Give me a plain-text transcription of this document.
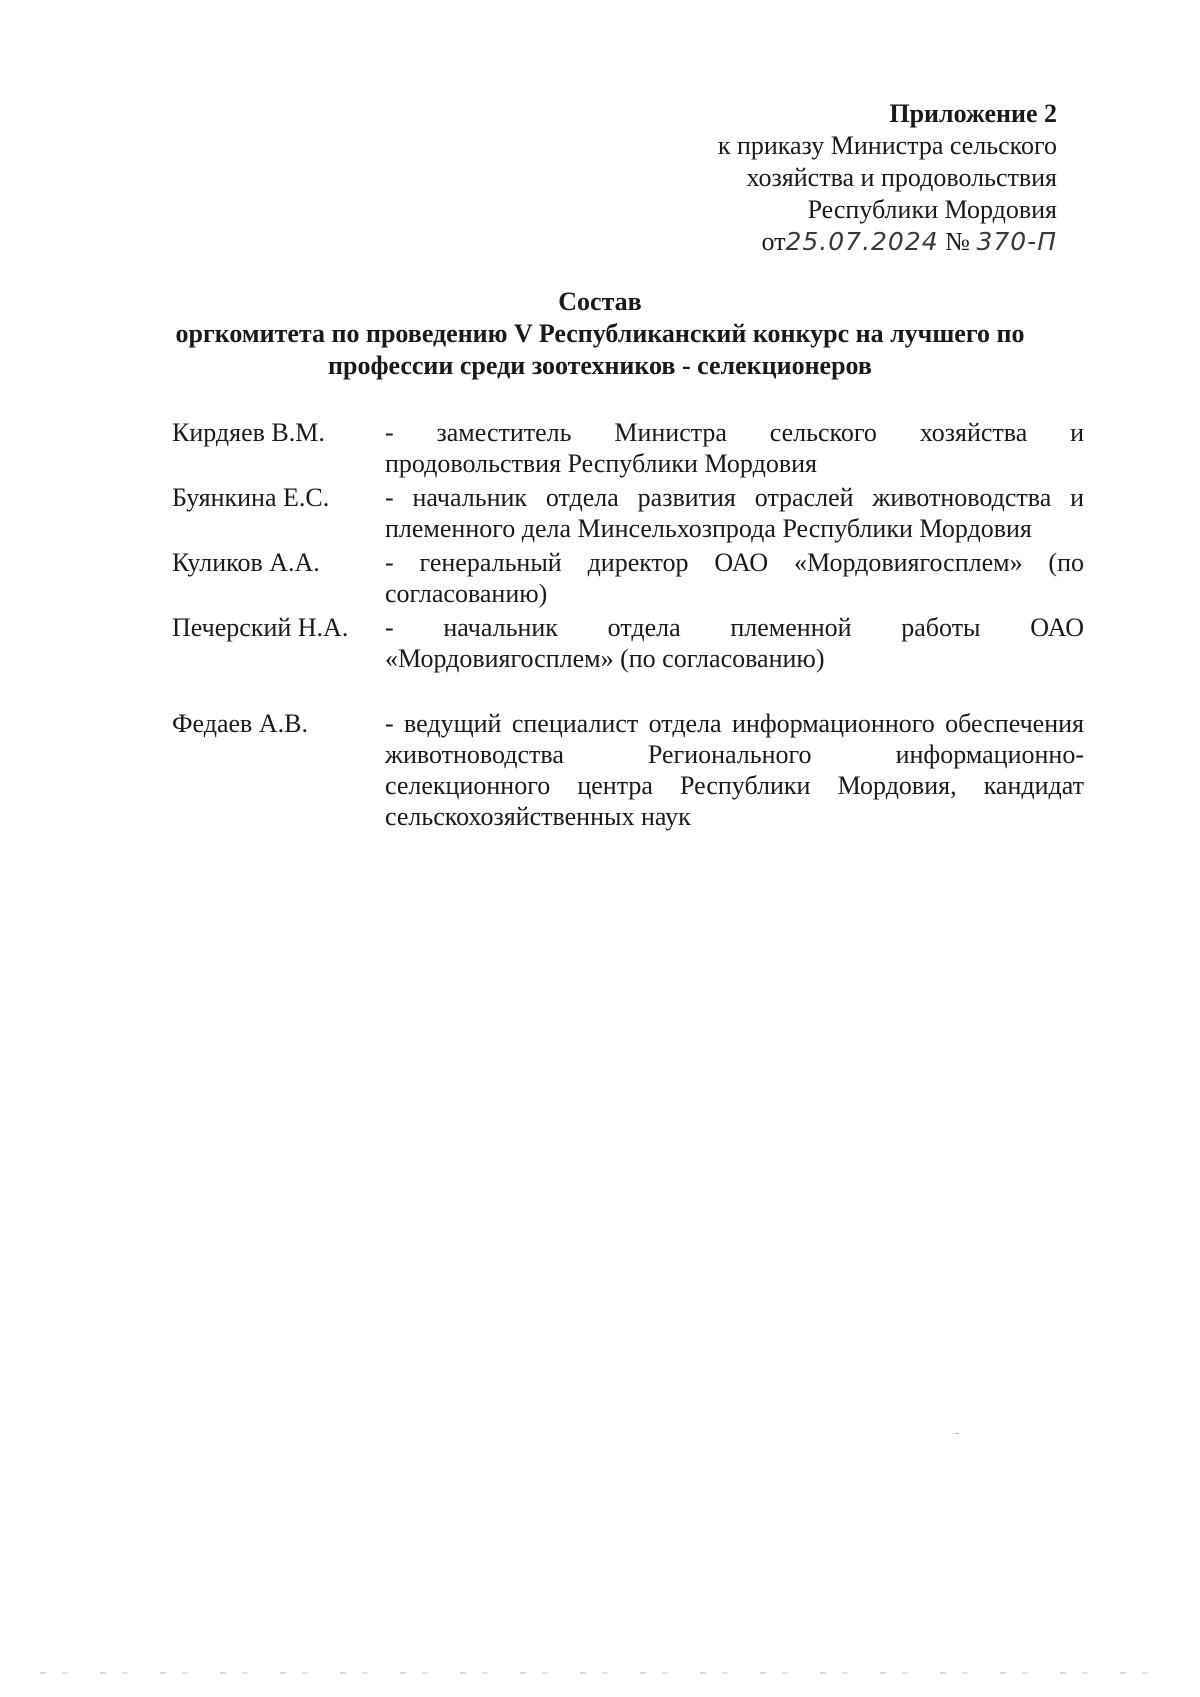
Приложение 2
к приказу Министра сельского
хозяйства и продовольствия
Республики Мордовия
от25.07.2024 № 370-П
Состав
оргкомитета по проведению V Республиканский конкурс на лучшего по
профессии среди зоотехников - селекционеров
Кирдяев В.М.	- заместитель Министра сельского хозяйства и продовольствия Республики Мордовия
Буянкина Е.С.	- начальник отдела развития отраслей животноводства и племенного дела Минсельхозпрода Республики Мордовия
Куликов А.А.	- генеральный директор ОАО «Мордовиягосплем» (по согласованию)
Печерский Н.А.	- начальник отдела племенной работы ОАО «Мордовиягосплем» (по согласованию)
Федаев А.В.	- ведущий специалист отдела информационного обеспечения животноводства Регионального информационно-селекционного центра Республики Мордовия, кандидат сельскохозяйственных наук
